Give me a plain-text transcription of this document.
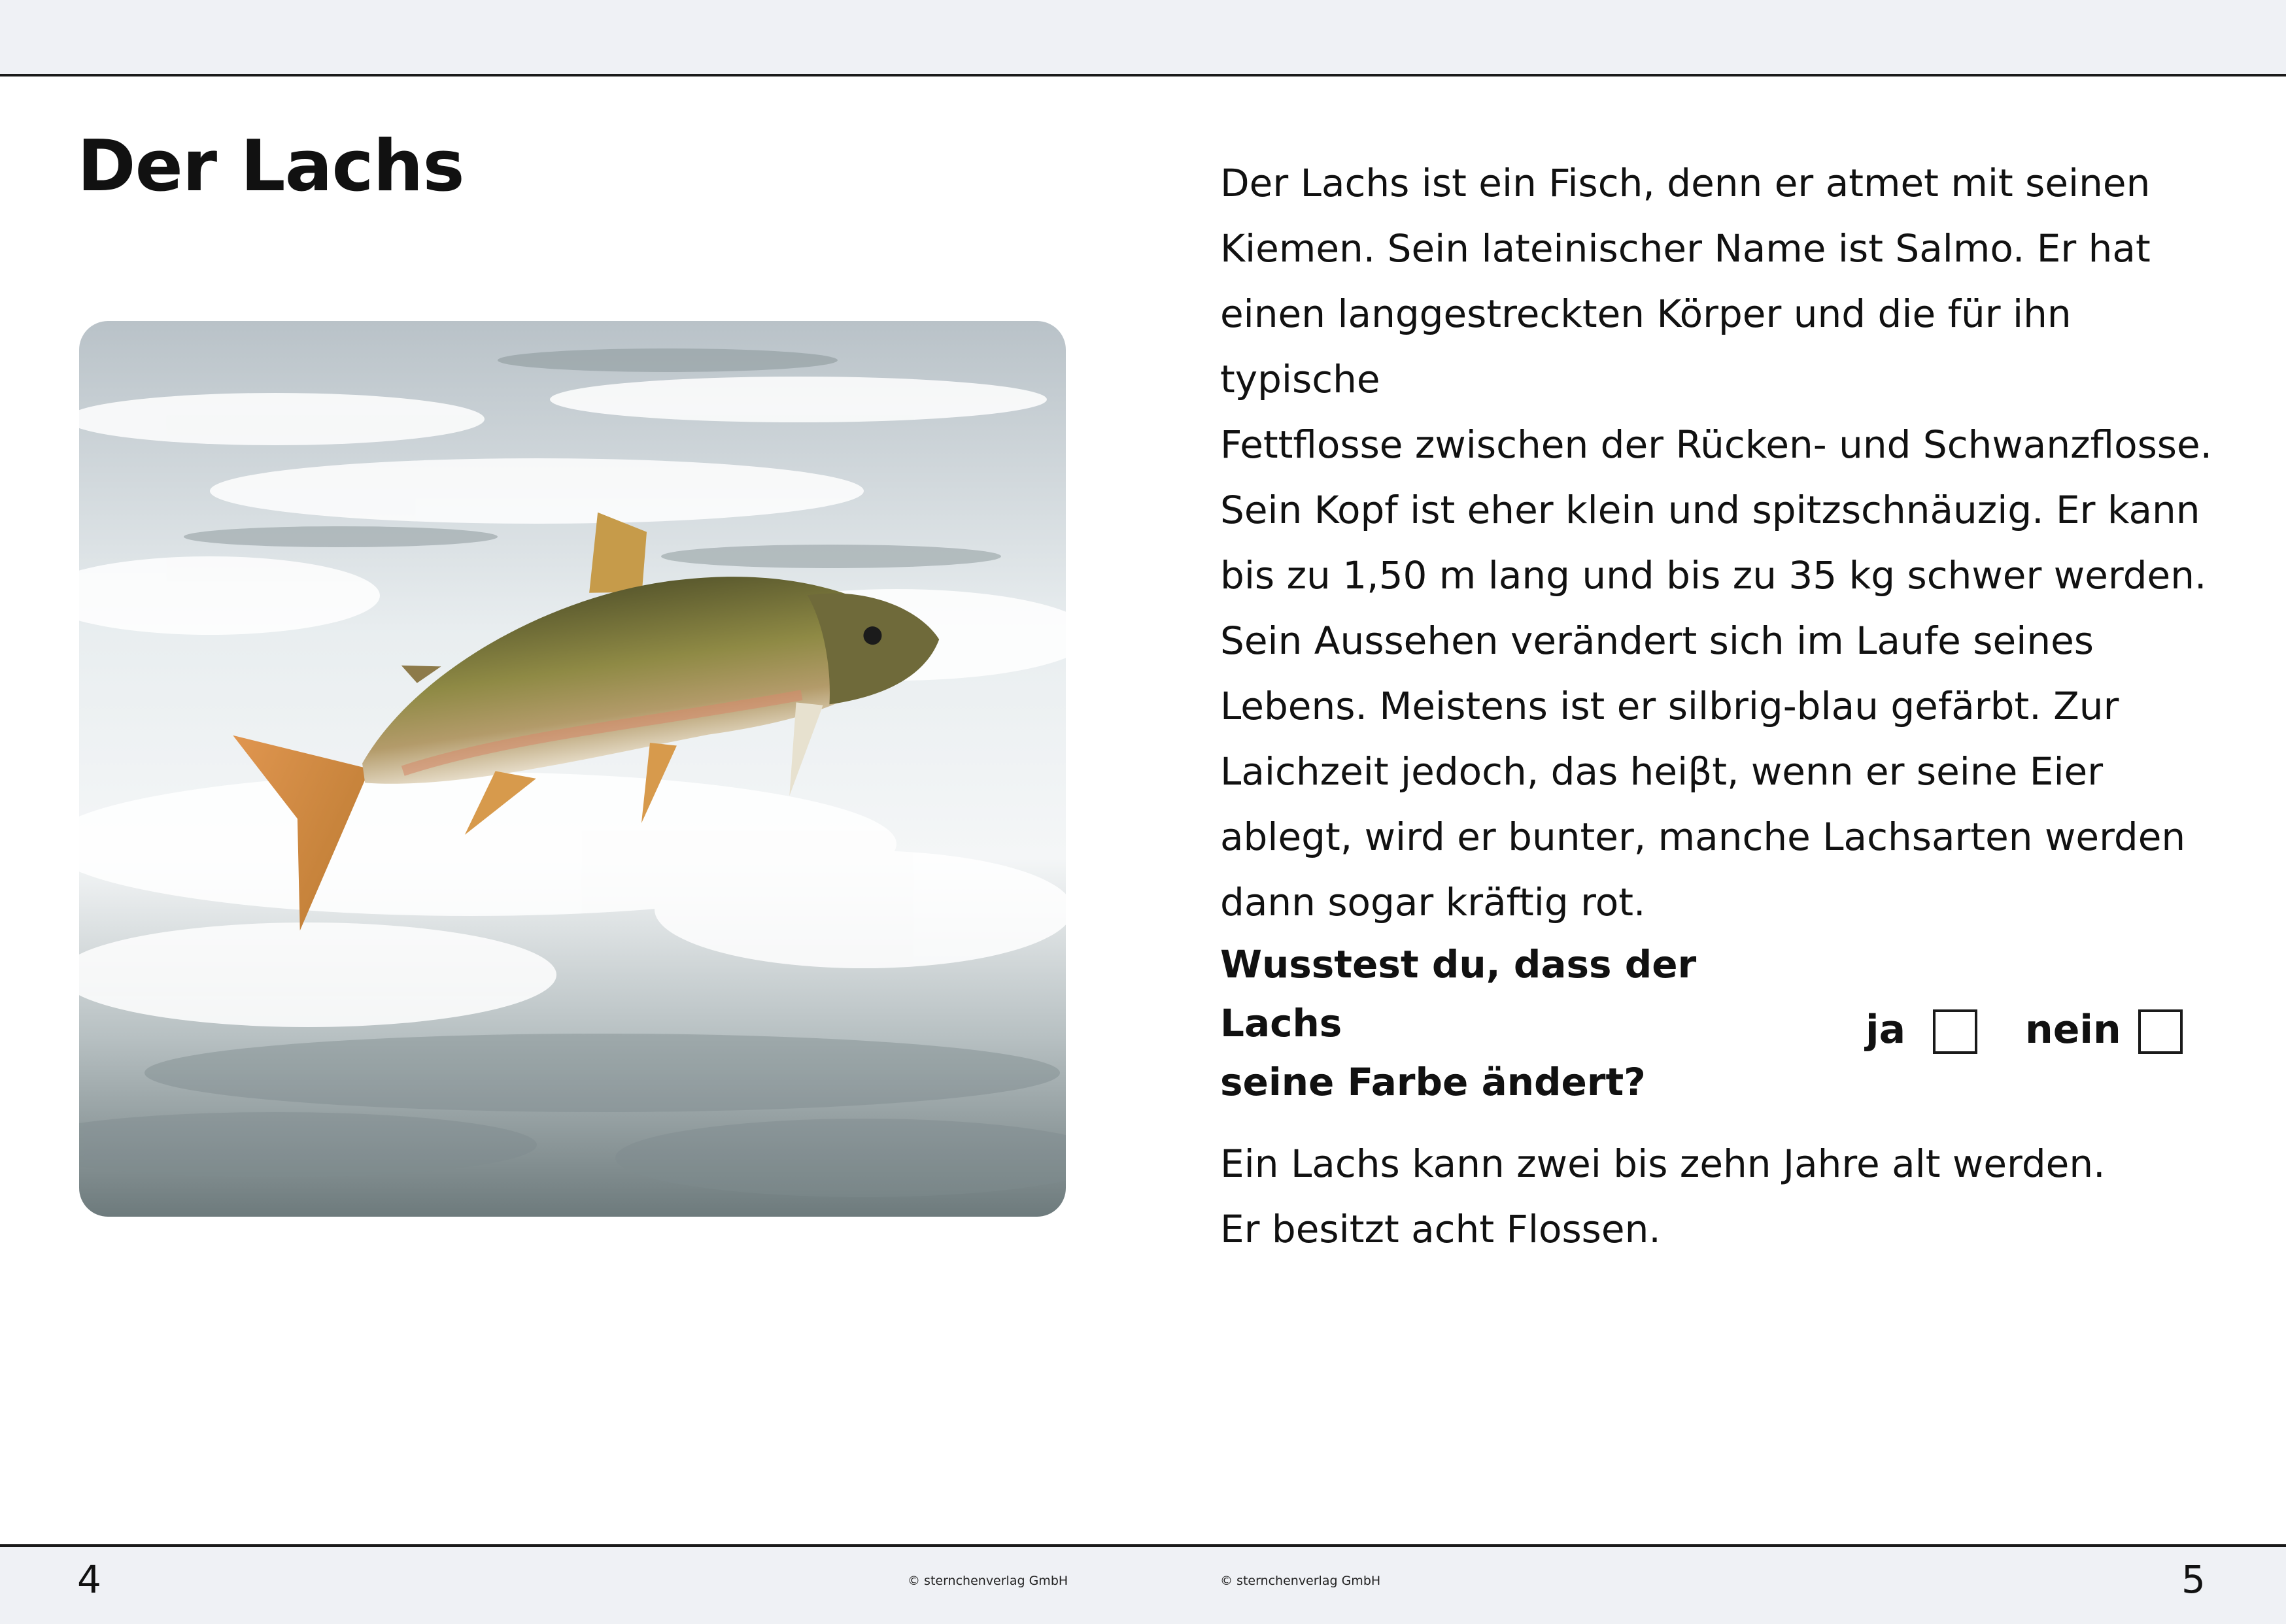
Der Lachs	Der Lachs ist ein Fisch, denn er atmet mit seinen
Kiemen. Sein lateinischer Name ist Salmo. Er hat
einen langgestreckten Körper und die für ihn typische
Fettflosse zwischen der Rücken- und Schwanzflosse.
Sein Kopf ist eher klein und spitzschnäuzig. Er kann
bis zu 1,50 m lang und bis zu 35 kg schwer werden.
Sein Aussehen verändert sich im Laufe seines
Lebens. Meistens ist er silbrig-blau gefärbt. Zur
Laichzeit jedoch, das heiβt, wenn er seine Eier
ablegt, wird er bunter, manche Lachsarten werden
dann sogar kräftig rot.
Wusstest du, dass der Lachs
seine Farbe ändert?
ja	nein
Ein Lachs kann zwei bis zehn Jahre alt werden.
Er besitzt acht Flossen.
4	© sternchenverlag GmbH	© sternchenverlag GmbH	5
